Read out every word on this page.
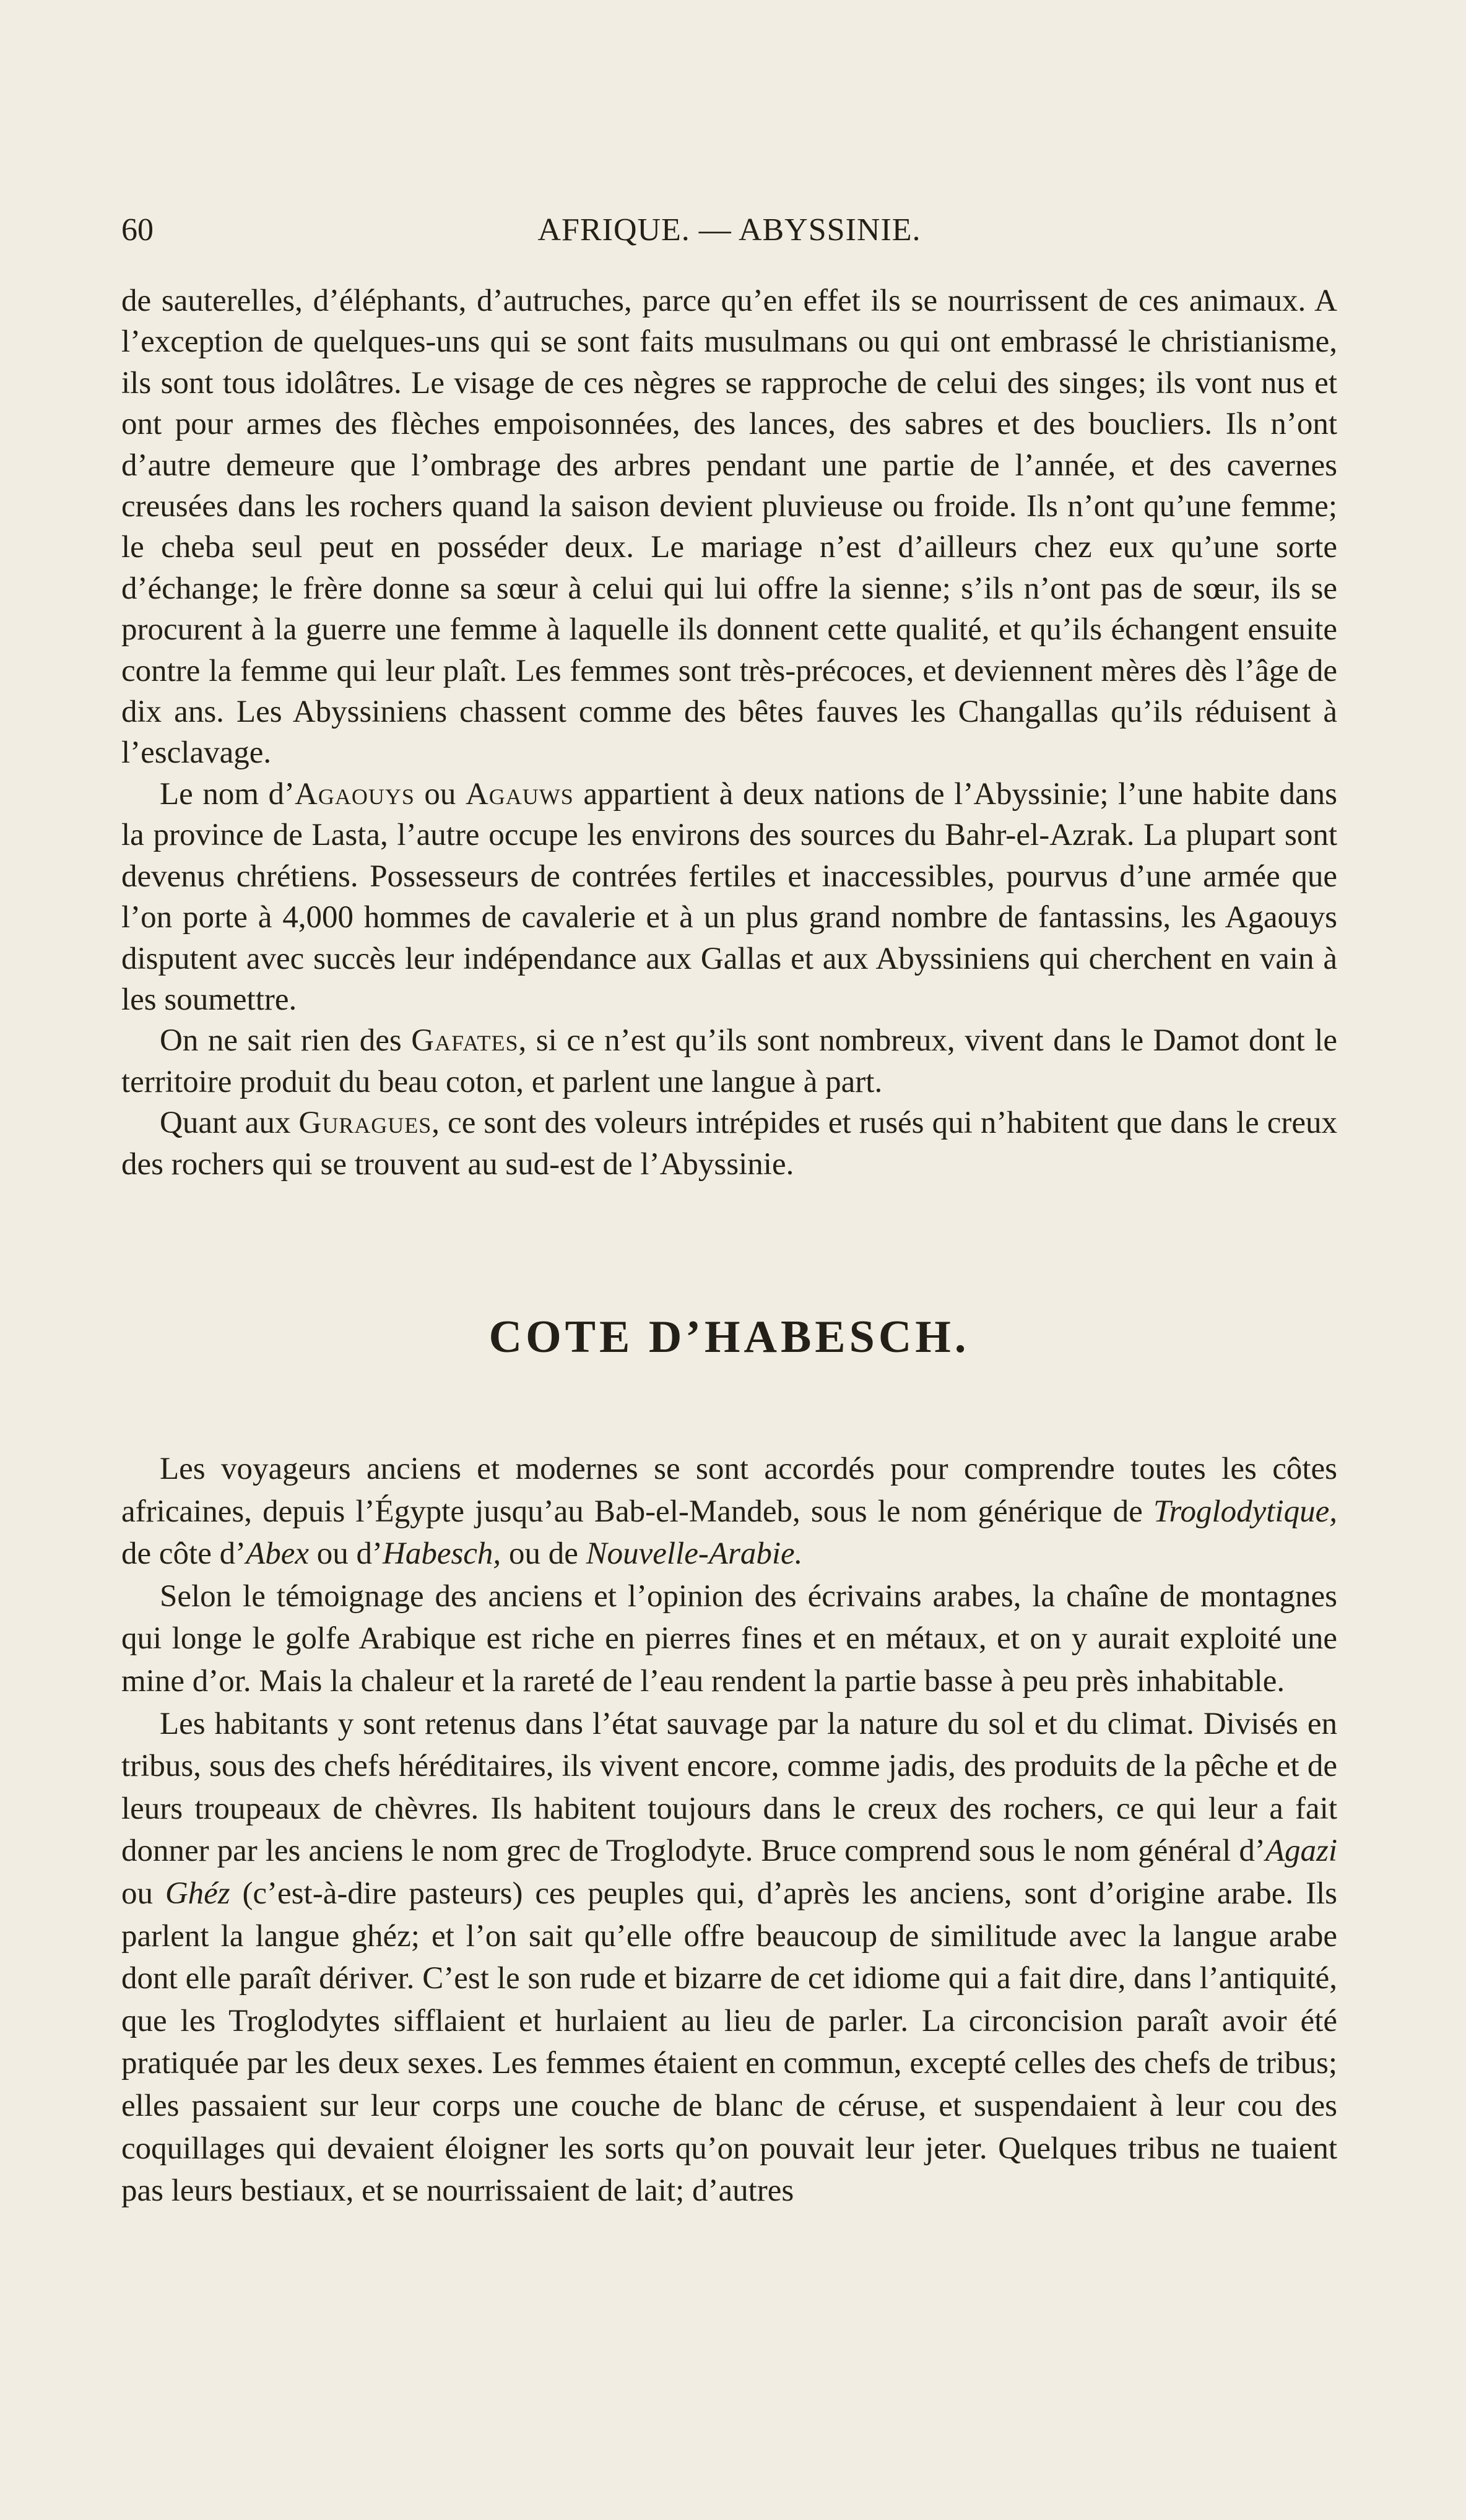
60	AFRIQUE. — ABYSSINIE.

de sauterelles, d’éléphants, d’autruches, parce qu’en effet ils se nourrissent de ces animaux. A l’exception de quelques-uns qui se sont faits musulmans ou qui ont embrassé le christianisme, ils sont tous idolâtres. Le visage de ces nègres se rapproche de celui des singes; ils vont nus et ont pour armes des flèches empoisonnées, des lances, des sabres et des boucliers. Ils n’ont d’autre demeure que l’ombrage des arbres pendant une partie de l’année, et des cavernes creusées dans les rochers quand la saison devient pluvieuse ou froide. Ils n’ont qu’une femme; le cheba seul peut en posséder deux. Le mariage n’est d’ailleurs chez eux qu’une sorte d’échange; le frère donne sa sœur à celui qui lui offre la sienne; s’ils n’ont pas de sœur, ils se procurent à la guerre une femme à laquelle ils donnent cette qualité, et qu’ils échangent ensuite contre la femme qui leur plaît. Les femmes sont très-précoces, et deviennent mères dès l’âge de dix ans. Les Abyssiniens chassent comme des bêtes fauves les Changallas qu’ils réduisent à l’esclavage.

Le nom d’Agaouys ou Agauws appartient à deux nations de l’Abyssinie; l’une habite dans la province de Lasta, l’autre occupe les environs des sources du Bahr-el-Azrak. La plupart sont devenus chrétiens. Possesseurs de contrées fertiles et inaccessibles, pourvus d’une armée que l’on porte à 4,000 hommes de cavalerie et à un plus grand nombre de fantassins, les Agaouys disputent avec succès leur indépendance aux Gallas et aux Abyssiniens qui cherchent en vain à les soumettre.

On ne sait rien des Gafates, si ce n’est qu’ils sont nombreux, vivent dans le Damot dont le territoire produit du beau coton, et parlent une langue à part.

Quant aux Guragues, ce sont des voleurs intrépides et rusés qui n’habitent que dans le creux des rochers qui se trouvent au sud-est de l’Abyssinie.

COTE D’HABESCH.

Les voyageurs anciens et modernes se sont accordés pour comprendre toutes les côtes africaines, depuis l’Égypte jusqu’au Bab-el-Mandeb, sous le nom générique de Troglodytique, de côte d’Abex ou d’Habesch, ou de Nouvelle-Arabie.

Selon le témoignage des anciens et l’opinion des écrivains arabes, la chaîne de montagnes qui longe le golfe Arabique est riche en pierres fines et en métaux, et on y aurait exploité une mine d’or. Mais la chaleur et la rareté de l’eau rendent la partie basse à peu près inhabitable.

Les habitants y sont retenus dans l’état sauvage par la nature du sol et du climat. Divisés en tribus, sous des chefs héréditaires, ils vivent encore, comme jadis, des produits de la pêche et de leurs troupeaux de chèvres. Ils habitent toujours dans le creux des rochers, ce qui leur a fait donner par les anciens le nom grec de Troglodyte. Bruce comprend sous le nom général d’Agazi ou Ghéz (c’est-à-dire pasteurs) ces peuples qui, d’après les anciens, sont d’origine arabe. Ils parlent la langue ghéz; et l’on sait qu’elle offre beaucoup de similitude avec la langue arabe dont elle paraît dériver. C’est le son rude et bizarre de cet idiome qui a fait dire, dans l’antiquité, que les Troglodytes sifflaient et hurlaient au lieu de parler. La circoncision paraît avoir été pratiquée par les deux sexes. Les femmes étaient en commun, excepté celles des chefs de tribus; elles passaient sur leur corps une couche de blanc de céruse, et suspendaient à leur cou des coquillages qui devaient éloigner les sorts qu’on pouvait leur jeter. Quelques tribus ne tuaient pas leurs bestiaux, et se nourrissaient de lait; d’autres
